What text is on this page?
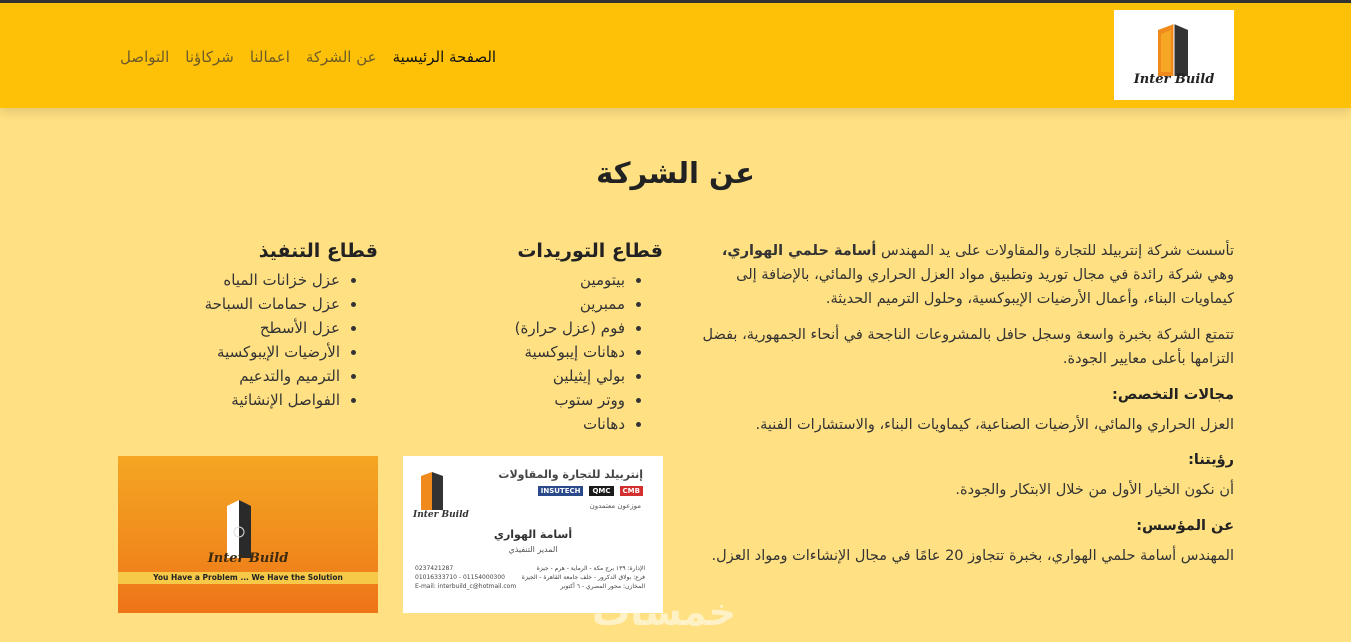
Inter Build
الصفحة الرئيسية
عن الشركة
اعمالنا
شركاؤنا
التواصل
عن الشركة

تأسست شركة إنتربيلد للتجارة والمقاولات على يد المهندس أسامة حلمي الهواري، وهي شركة رائدة في مجال توريد وتطبيق مواد العزل الحراري والمائي، بالإضافة إلى كيماويات البناء، وأعمال الأرضيات الإيبوكسية، وحلول الترميم الحديثة.

تتمتع الشركة بخبرة واسعة وسجل حافل بالمشروعات الناجحة في أنحاء الجمهورية، بفضل التزامها بأعلى معايير الجودة.

مجالات التخصص:
العزل الحراري والمائي، الأرضيات الصناعية، كيماويات البناء، والاستشارات الفنية.
رؤيتنا:
أن نكون الخيار الأول من خلال الابتكار والجودة.
عن المؤسس:
المهندس أسامة حلمي الهواري، بخبرة تتجاوز 20 عامًا في مجال الإنشاءات ومواد العزل.
قطاع التوريدات
• بيتومين
• ممبرين
• فوم (عزل حرارة)
• دهانات إيبوكسية
• بولي إيثيلين
• ووتر ستوب
• دهانات
قطاع التنفيذ
• عزل خزانات المياه
• عزل حمامات السباحة
• عزل الأسطح
• الأرضيات الإيبوكسية
• الترميم والتدعيم
• الفواصل الإنشائية
إنتربيلد للتجارة والمقاولات
INSUTECH	QMC	CMB
موزعون معتمدون
Inter Build
أسامة الهواري
المدير التنفيذي
0237421287
01016333710 - 01154000300
E-mail: interbuild_c@hotmail.com
الإدارة: ١٣٩ برج مكة - الرماية - هرم - جيزة
فرع: بولاق الدكرور - خلف جامعة القاهرة - الجيزة
المخازن: محور المصري - ٦ أكتوبر
Inter Build
You Have a Problem ... We Have the Solution
خمسات
